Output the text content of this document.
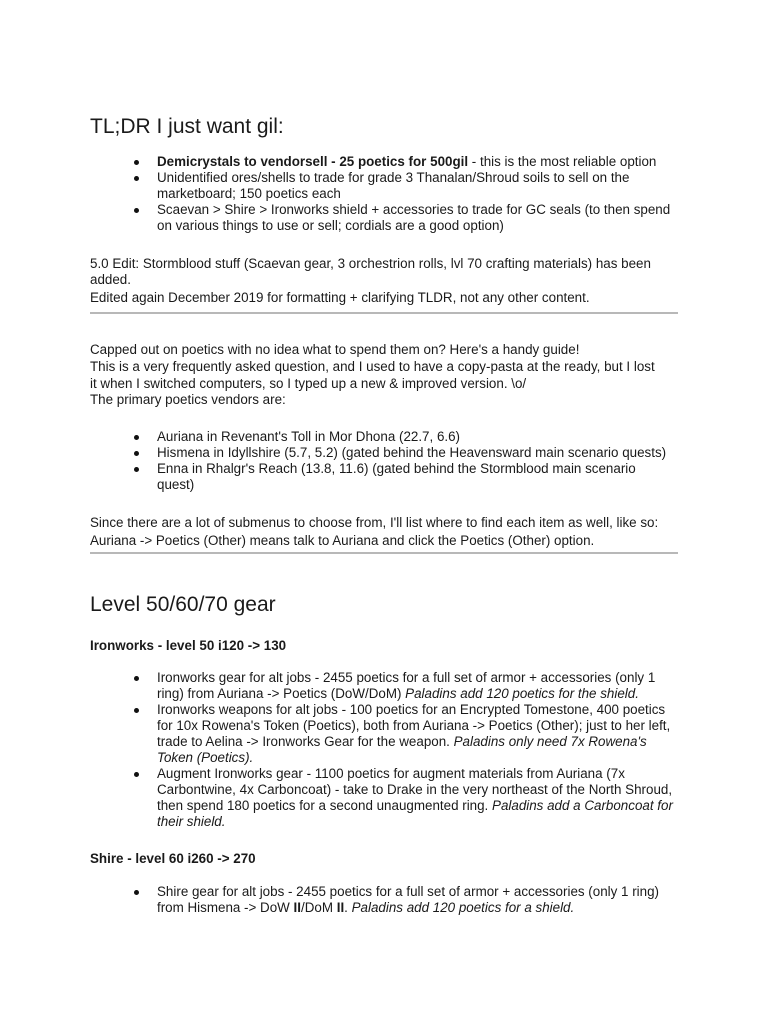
TL;DR I just want gil:
Demicrystals to vendorsell - 25 poetics for 500gil - this is the most reliable option
Unidentified ores/shells to trade for grade 3 Thanalan/Shroud soils to sell on the marketboard; 150 poetics each
Scaevan > Shire > Ironworks shield + accessories to trade for GC seals (to then spend on various things to use or sell; cordials are a good option)

5.0 Edit: Stormblood stuff (Scaevan gear, 3 orchestrion rolls, lvl 70 crafting materials) has been added.

Edited again December 2019 for formatting + clarifying TLDR, not any other content.

Capped out on poetics with no idea what to spend them on? Here's a handy guide!

This is a very frequently asked question, and I used to have a copy-pasta at the ready, but I lost it when I switched computers, so I typed up a new & improved version. \o/

The primary poetics vendors are:

Auriana in Revenant's Toll in Mor Dhona (22.7, 6.6)
Hismena in Idyllshire (5.7, 5.2) (gated behind the Heavensward main scenario quests)
Enna in Rhalgr's Reach (13.8, 11.6) (gated behind the Stormblood main scenario quest)

Since there are a lot of submenus to choose from, I'll list where to find each item as well, like so:

Auriana -> Poetics (Other) means talk to Auriana and click the Poetics (Other) option.

Level 50/60/70 gear
Ironworks - level 50 i120 -> 130
Ironworks gear for alt jobs - 2455 poetics for a full set of armor + accessories (only 1 ring) from Auriana -> Poetics (DoW/DoM) Paladins add 120 poetics for the shield.
Ironworks weapons for alt jobs - 100 poetics for an Encrypted Tomestone, 400 poetics for 10x Rowena's Token (Poetics), both from Auriana -> Poetics (Other); just to her left, trade to Aelina -> Ironworks Gear for the weapon. Paladins only need 7x Rowena's Token (Poetics).
Augment Ironworks gear - 1100 poetics for augment materials from Auriana (7x Carbontwine, 4x Carboncoat) - take to Drake in the very northeast of the North Shroud, then spend 180 poetics for a second unaugmented ring. Paladins add a Carboncoat for their shield.
Shire - level 60 i260 -> 270
Shire gear for alt jobs - 2455 poetics for a full set of armor + accessories (only 1 ring) from Hismena -> DoW II/DoM II. Paladins add 120 poetics for a shield.
